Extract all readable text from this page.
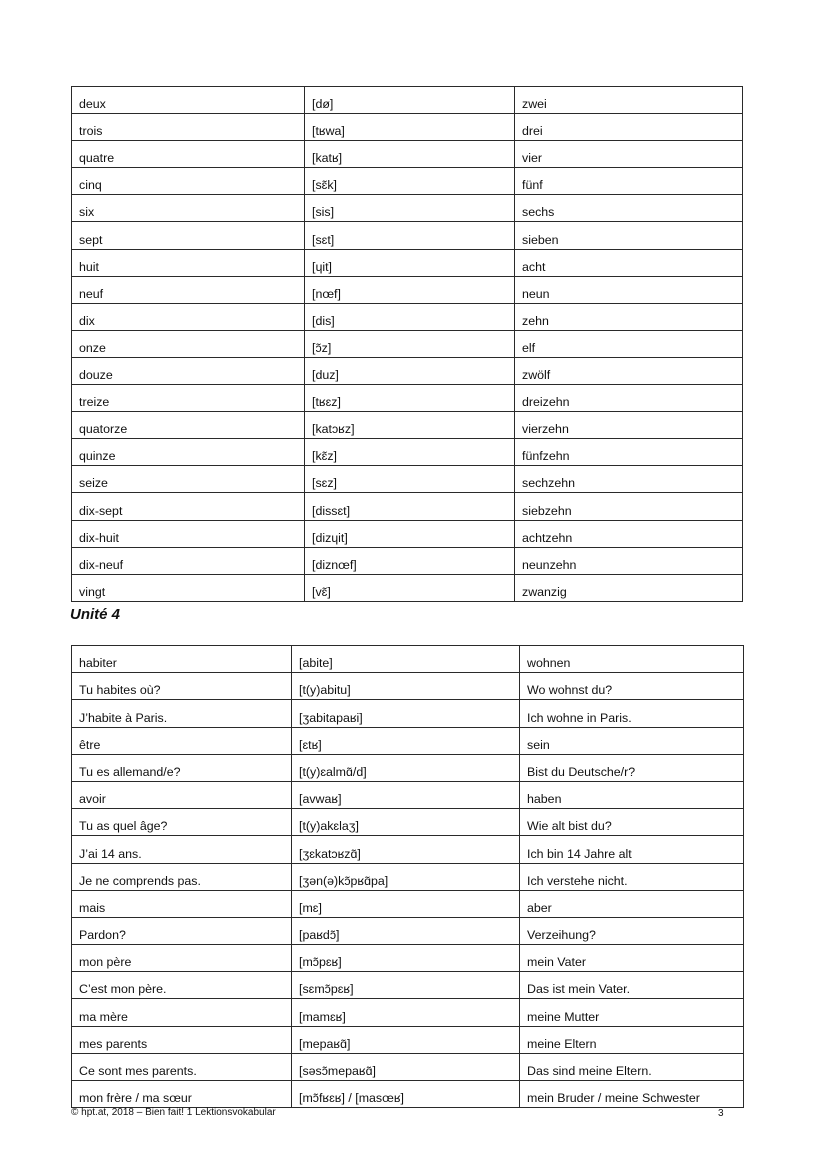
deux	[dø]	zwei
trois	[tʁwa]	drei
quatre	[katʁ]	vier
cinq	[sɛ̃k]	fünf
six	[sis]	sechs
sept	[sɛt]	sieben
huit	[ɥit]	acht
neuf	[nœf]	neun
dix	[dis]	zehn
onze	[ɔ̃z]	elf
douze	[duz]	zwölf
treize	[tʁɛz]	dreizehn
quatorze	[katɔʁz]	vierzehn
quinze	[kɛ̃z]	fünfzehn
seize	[sɛz]	sechzehn
dix-sept	[dissɛt]	siebzehn
dix-huit	[dizɥit]	achtzehn
dix-neuf	[diznœf]	neunzehn
vingt	[vɛ̃]	zwanzig
Unité 4
habiter	[abite]	wohnen
Tu habites où?	[t(y)abitu]	Wo wohnst du?
J’habite à Paris.	[ʒabitapaʁi]	Ich wohne in Paris.
être	[ɛtʁ]	sein
Tu es allemand/e?	[t(y)ɛalmɑ̃/d]	Bist du Deutsche/r?
avoir	[avwaʁ]	haben
Tu as quel âge?	[t(y)akɛlaʒ]	Wie alt bist du?
J’ai 14 ans.	[ʒɛkatɔʁzɑ̃]	Ich bin 14 Jahre alt
Je ne comprends pas.	[ʒən(ə)kɔ̃pʁɑ̃pa]	Ich verstehe nicht.
mais	[mɛ]	aber
Pardon?	[paʁdɔ̃]	Verzeihung?
mon père	[mɔ̃pɛʁ]	mein Vater
C’est mon père.	[sɛmɔ̃pɛʁ]	Das ist mein Vater.
ma mère	[mamɛʁ]	meine Mutter
mes parents	[mepaʁɑ̃]	meine Eltern
Ce sont mes parents.	[səsɔ̃mepaʁɑ̃]	Das sind meine Eltern.
mon frère / ma sœur	[mɔ̃fʁɛʁ] / [masœʁ]	mein Bruder / meine Schwester
© hpt.at, 2018 – Bien fait! 1 Lektionsvokabular	3
